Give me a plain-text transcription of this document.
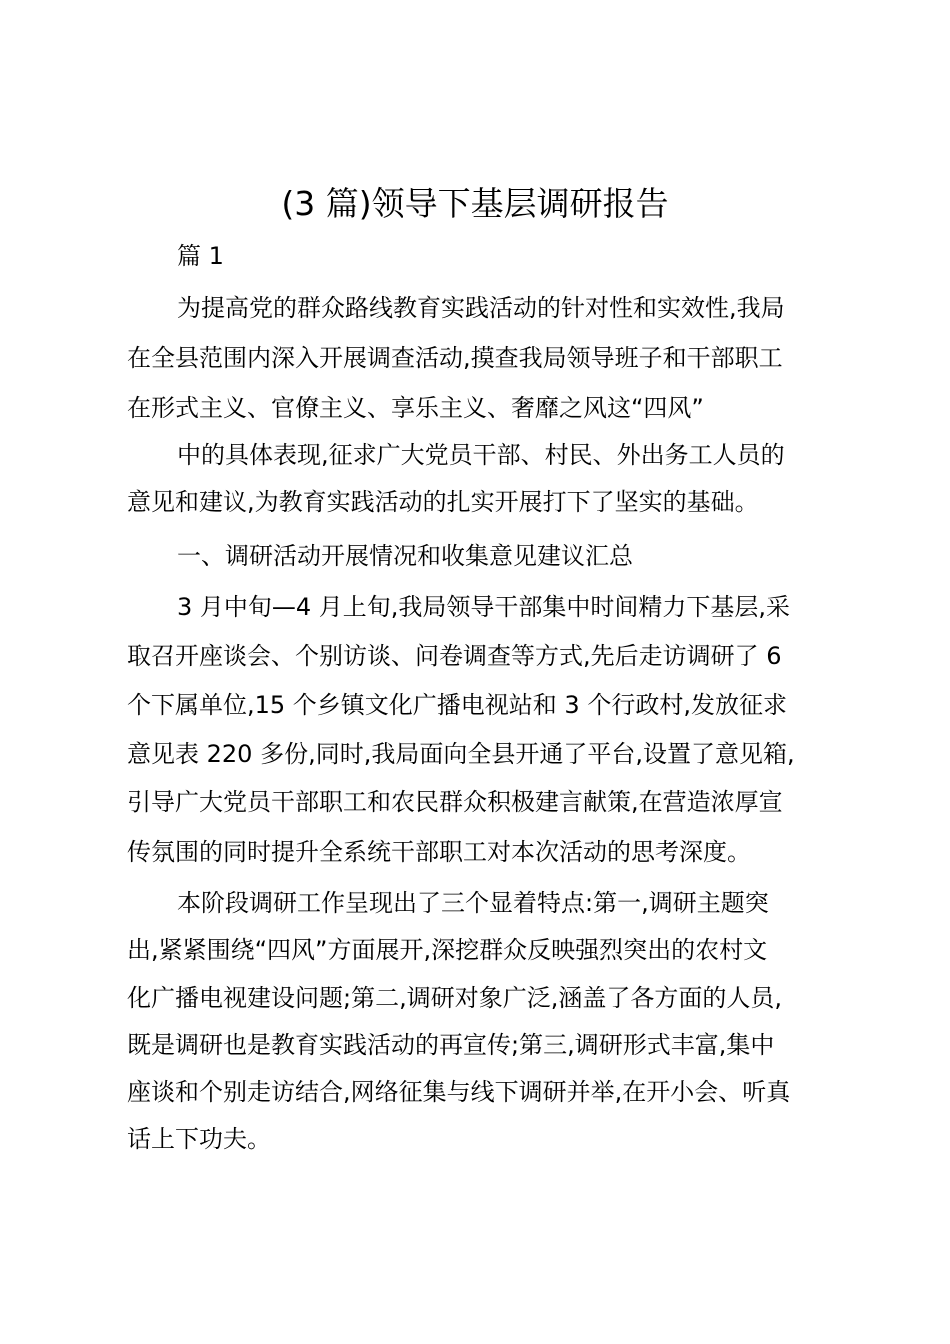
(3 篇)领导下基层调研报告
篇 1
为提高党的群众路线教育实践活动的针对性和实效性,我局
在全县范围内深入开展调查活动,摸查我局领导班子和干部职工
在形式主义、官僚主义、享乐主义、奢靡之风这“四风”
中的具体表现,征求广大党员干部、村民、外出务工人员的
意见和建议,为教育实践活动的扎实开展打下了坚实的基础。
一、调研活动开展情况和收集意见建议汇总
3 月中旬—4 月上旬,我局领导干部集中时间精力下基层,采
取召开座谈会、个别访谈、问卷调查等方式,先后走访调研了 6
个下属单位,15 个乡镇文化广播电视站和 3 个行政村,发放征求
意见表 220 多份,同时,我局面向全县开通了平台,设置了意见箱,
引导广大党员干部职工和农民群众积极建言献策,在营造浓厚宣
传氛围的同时提升全系统干部职工对本次活动的思考深度。
本阶段调研工作呈现出了三个显着特点:第一,调研主题突
出,紧紧围绕“四风”方面展开,深挖群众反映强烈突出的农村文
化广播电视建设问题;第二,调研对象广泛,涵盖了各方面的人员,
既是调研也是教育实践活动的再宣传;第三,调研形式丰富,集中
座谈和个别走访结合,网络征集与线下调研并举,在开小会、听真
话上下功夫。
